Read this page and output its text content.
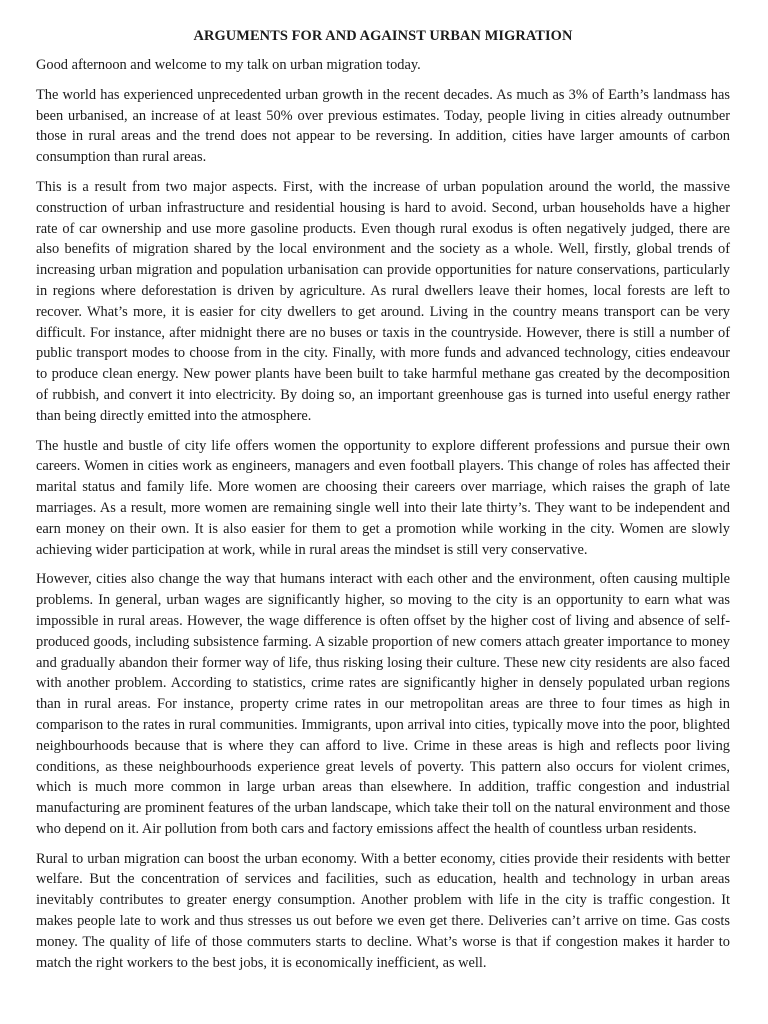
ARGUMENTS FOR AND AGAINST URBAN MIGRATION

Good afternoon and welcome to my talk on urban migration today.

The world has experienced unprecedented urban growth in the recent decades. As much as 3% of Earth’s landmass has been urbanised, an increase of at least 50% over previous estimates. Today, people living in cities already outnumber those in rural areas and the trend does not appear to be reversing. In addition, cities have larger amounts of carbon consumption than rural areas.

This is a result from two major aspects. First, with the increase of urban population around the world, the massive construction of urban infrastructure and residential housing is hard to avoid. Second, urban households have a higher rate of car ownership and use more gasoline products. Even though rural exodus is often negatively judged, there are also benefits of migration shared by the local environment and the society as a whole. Well, firstly, global trends of increasing urban migration and population urbanisation can provide opportunities for nature conservations, particularly in regions where deforestation is driven by agriculture. As rural dwellers leave their homes, local forests are left to recover. What’s more, it is easier for city dwellers to get around. Living in the country means transport can be very difficult. For instance, after midnight there are no buses or taxis in the countryside. However, there is still a number of public transport modes to choose from in the city. Finally, with more funds and advanced technology, cities endeavour to produce clean energy. New power plants have been built to take harmful methane gas created by the decomposition of rubbish, and convert it into electricity. By doing so, an important greenhouse gas is turned into useful energy rather than being directly emitted into the atmosphere.

The hustle and bustle of city life offers women the opportunity to explore different professions and pursue their own careers. Women in cities work as engineers, managers and even football players. This change of roles has affected their marital status and family life. More women are choosing their careers over marriage, which raises the graph of late marriages. As a result, more women are remaining single well into their late thirty’s. They want to be independent and earn money on their own. It is also easier for them to get a promotion while working in the city. Women are slowly achieving wider participation at work, while in rural areas the mindset is still very conservative.

However, cities also change the way that humans interact with each other and the environment, often causing multiple problems. In general, urban wages are significantly higher, so moving to the city is an opportunity to earn what was impossible in rural areas. However, the wage difference is often offset by the higher cost of living and absence of self-produced goods, including subsistence farming. A sizable proportion of new comers attach greater importance to money and gradually abandon their former way of life, thus risking losing their culture. These new city residents are also faced with another problem. According to statistics, crime rates are significantly higher in densely populated urban regions than in rural areas. For instance, property crime rates in our metropolitan areas are three to four times as high in comparison to the rates in rural communities. Immigrants, upon arrival into cities, typically move into the poor, blighted neighbourhoods because that is where they can afford to live. Crime in these areas is high and reflects poor living conditions, as these neighbourhoods experience great levels of poverty. This pattern also occurs for violent crimes, which is much more common in large urban areas than elsewhere. In addition, traffic congestion and industrial manufacturing are prominent features of the urban landscape, which take their toll on the natural environment and those who depend on it. Air pollution from both cars and factory emissions affect the health of countless urban residents.

Rural to urban migration can boost the urban economy. With a better economy, cities provide their residents with better welfare. But the concentration of services and facilities, such as education, health and technology in urban areas inevitably contributes to greater energy consumption. Another problem with life in the city is traffic congestion. It makes people late to work and thus stresses us out before we even get there. Deliveries can’t arrive on time. Gas costs money. The quality of life of those commuters starts to decline. What’s worse is that if congestion makes it harder to match the right workers to the best jobs, it is economically inefficient, as well.
